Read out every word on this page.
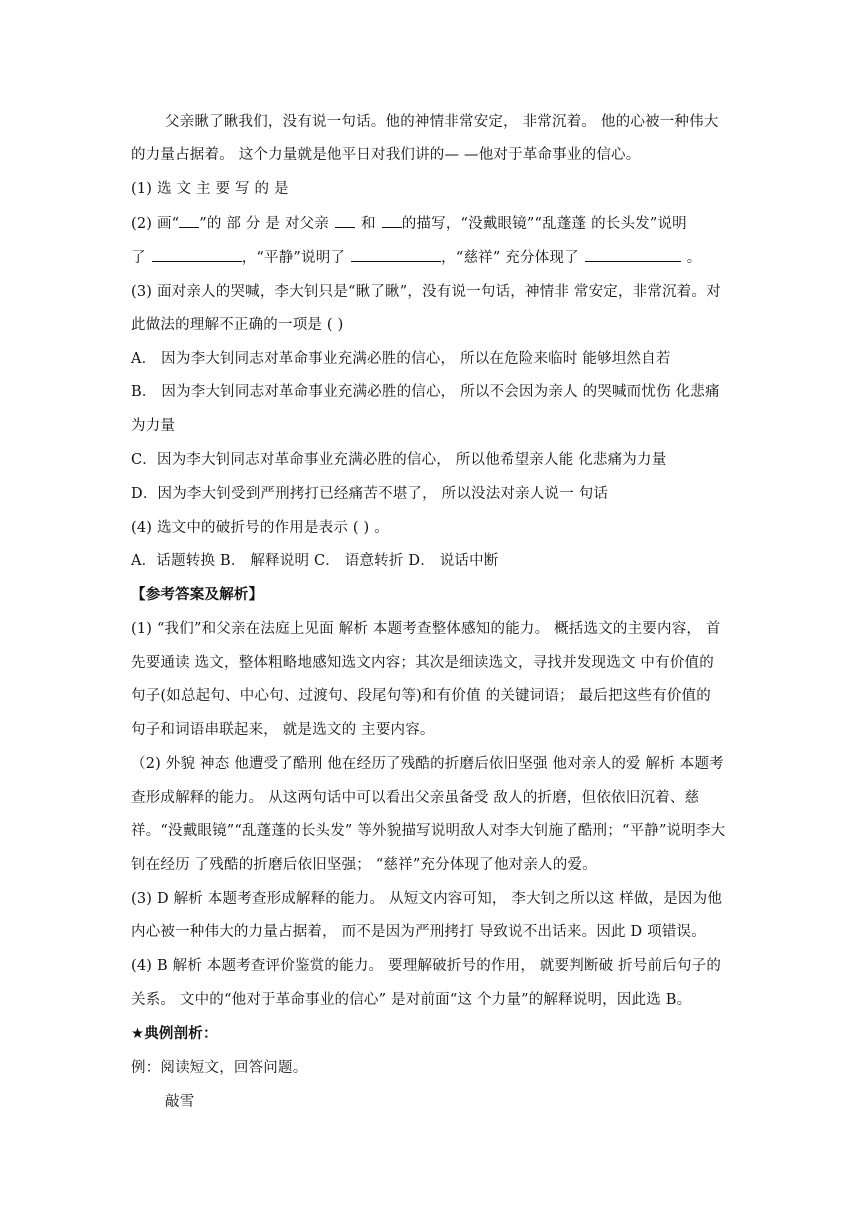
父亲瞅了瞅我们，没有说一句话。他的神情非常安定， 非常沉着。 他的心被一种伟大
的力量占据着。 这个力量就是他平日对我们讲的— —他对于革命事业的信心。
(1) 选 文 主 要 写 的 是
(2) 画“ ”的 部 分 是 对父亲 和 的描写，“没戴眼镜”“乱蓬蓬 的长头发”说明
了	，“平静”说明了	，“慈祥” 充分体现了	。
(3) 面对亲人的哭喊，李大钊只是“瞅了瞅”，没有说一句话，神情非 常安定，非常沉着。对
此做法的理解不正确的一项是 ( )
A． 因为李大钊同志对革命事业充满必胜的信心， 所以在危险来临时 能够坦然自若
B． 因为李大钊同志对革命事业充满必胜的信心， 所以不会因为亲人 的哭喊而忧伤 化悲痛
为力量
C．因为李大钊同志对革命事业充满必胜的信心， 所以他希望亲人能 化悲痛为力量
D．因为李大钊受到严刑拷打已经痛苦不堪了， 所以没法对亲人说一 句话
(4) 选文中的破折号的作用是表示 ( ) 。
A．话题转换 B． 解释说明 C． 语意转折 D． 说话中断
【参考答案及解析】
(1) “我们”和父亲在法庭上见面 解析 本题考查整体感知的能力。 概括选文的主要内容， 首
先要通读 选文，整体粗略地感知选文内容；其次是细读选文，寻找并发现选文 中有价值的
句子(如总起句、中心句、过渡句、段尾句等)和有价值 的关键词语； 最后把这些有价值的
句子和词语串联起来， 就是选文的 主要内容。
（2) 外貌 神态 他遭受了酷刑 他在经历了残酷的折磨后依旧坚强 他对亲人的爱 解析 本题考
查形成解释的能力。 从这两句话中可以看出父亲虽备受 敌人的折磨，但依依旧沉着、慈
祥。“没戴眼镜”“乱蓬蓬的长头发” 等外貌描写说明敌人对李大钊施了酷刑；“平静”说明李大
钊在经历 了残酷的折磨后依旧坚强； “慈祥”充分体现了他对亲人的爱。
(3) D 解析 本题考查形成解释的能力。 从短文内容可知， 李大钊之所以这 样做，是因为他
内心被一种伟大的力量占据着， 而不是因为严刑拷打 导致说不出话来。因此 D 项错误。
(4) B 解析 本题考查评价鉴赏的能力。 要理解破折号的作用， 就要判断破 折号前后句子的
关系。 文中的“他对于革命事业的信心” 是对前面“这 个力量”的解释说明，因此选 B。
★典例剖析：
例：阅读短文，回答问题。
敲雪
